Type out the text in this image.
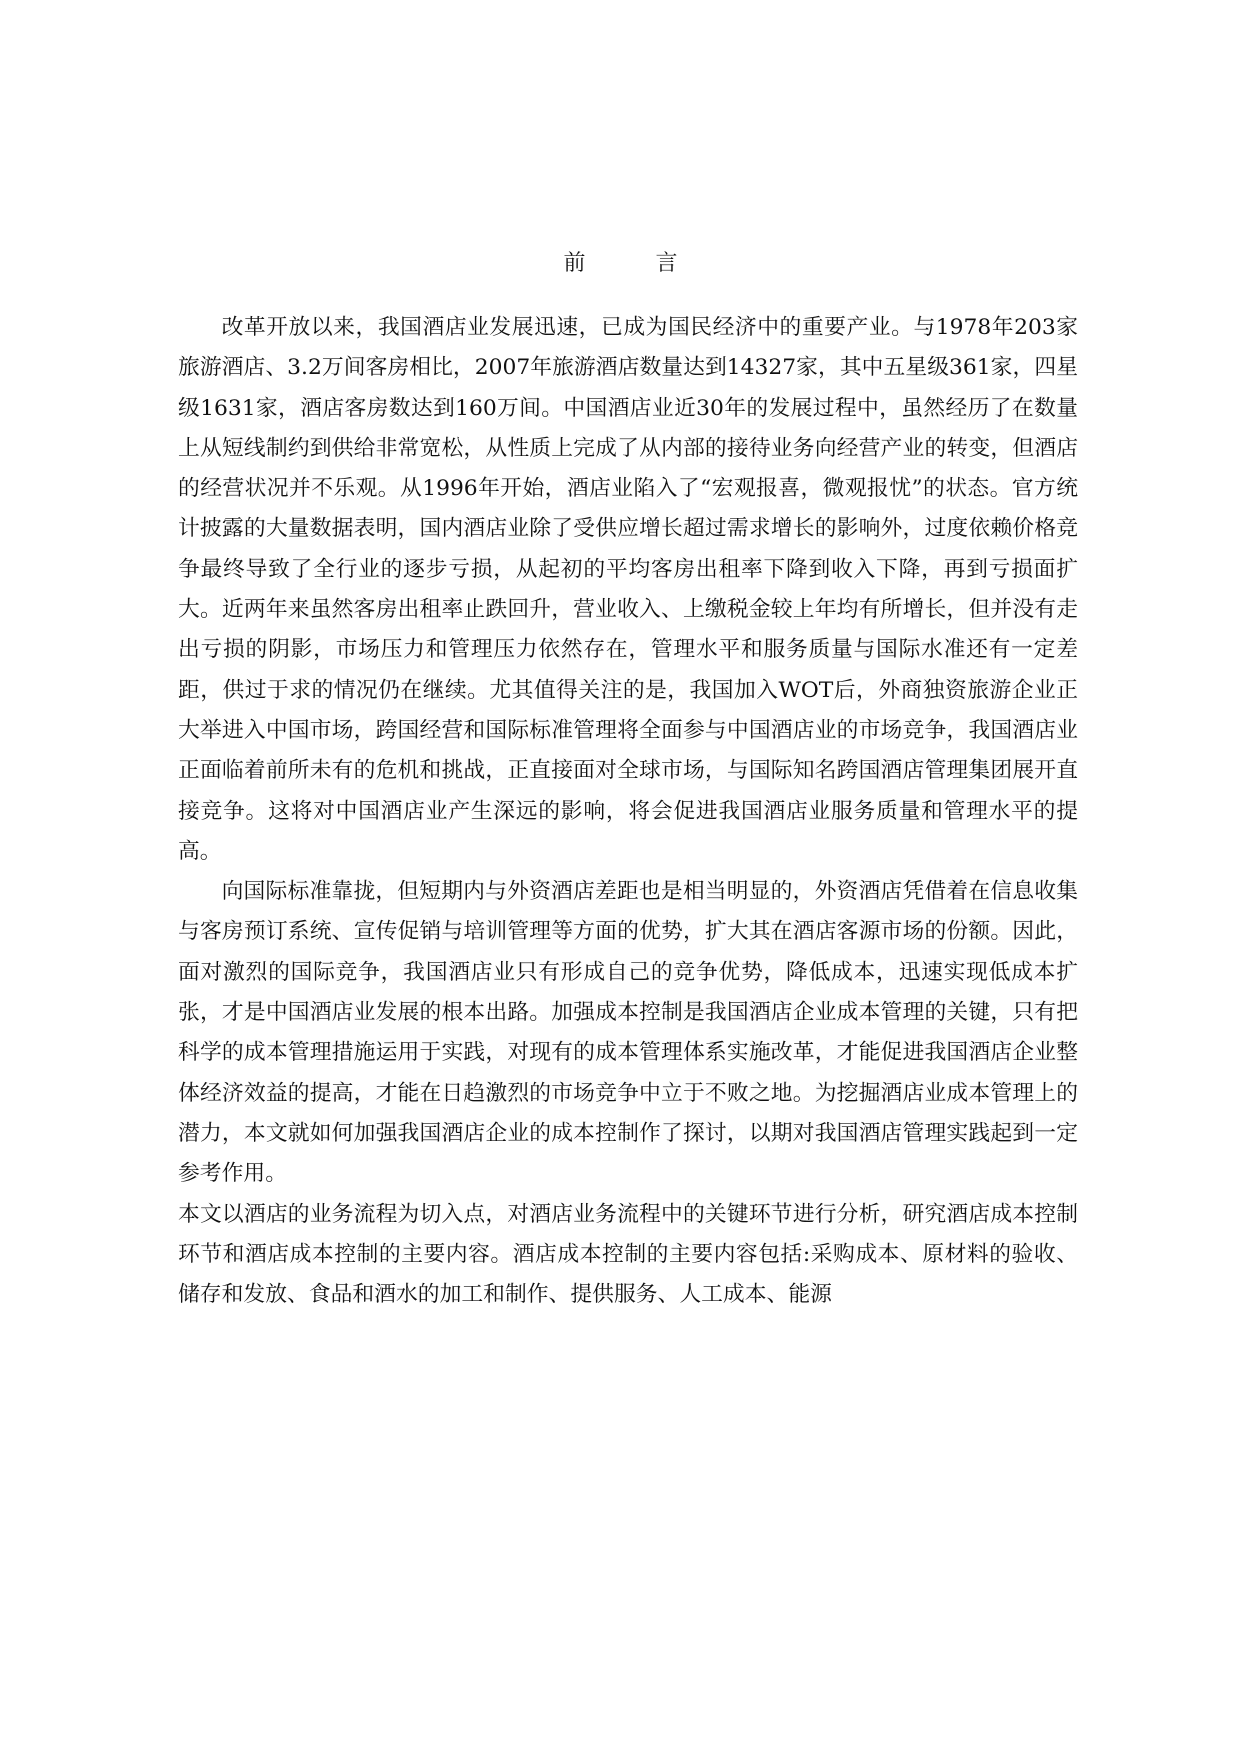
前　言

改革开放以来，我国酒店业发展迅速，已成为国民经济中的重要产业。与1978年203家旅游酒店、3.2万间客房相比，2007年旅游酒店数量达到14327家，其中五星级361家，四星级1631家，酒店客房数达到160万间。中国酒店业近30年的发展过程中，虽然经历了在数量上从短线制约到供给非常宽松，从性质上完成了从内部的接待业务向经营产业的转变，但酒店的经营状况并不乐观。从1996年开始，酒店业陷入了“宏观报喜，微观报忧”的状态。官方统计披露的大量数据表明，国内酒店业除了受供应增长超过需求增长的影响外，过度依赖价格竞争最终导致了全行业的逐步亏损，从起初的平均客房出租率下降到收入下降，再到亏损面扩大。近两年来虽然客房出租率止跌回升，营业收入、上缴税金较上年均有所增长，但并没有走出亏损的阴影，市场压力和管理压力依然存在，管理水平和服务质量与国际水准还有一定差距，供过于求的情况仍在继续。尤其值得关注的是，我国加入WOT后，外商独资旅游企业正大举进入中国市场，跨国经营和国际标准管理将全面参与中国酒店业的市场竞争，我国酒店业正面临着前所未有的危机和挑战，正直接面对全球市场，与国际知名跨国酒店管理集团展开直接竞争。这将对中国酒店业产生深远的影响，将会促进我国酒店业服务质量和管理水平的提高。

向国际标准靠拢，但短期内与外资酒店差距也是相当明显的，外资酒店凭借着在信息收集与客房预订系统、宣传促销与培训管理等方面的优势，扩大其在酒店客源市场的份额。因此，面对激烈的国际竞争，我国酒店业只有形成自己的竞争优势，降低成本，迅速实现低成本扩张，才是中国酒店业发展的根本出路。加强成本控制是我国酒店企业成本管理的关键，只有把科学的成本管理措施运用于实践，对现有的成本管理体系实施改革，才能促进我国酒店企业整体经济效益的提高，才能在日趋激烈的市场竞争中立于不败之地。为挖掘酒店业成本管理上的潜力，本文就如何加强我国酒店企业的成本控制作了探讨，以期对我国酒店管理实践起到一定参考作用。

本文以酒店的业务流程为切入点，对酒店业务流程中的关键环节进行分析，研究酒店成本控制环节和酒店成本控制的主要内容。酒店成本控制的主要内容包括:采购成本、原材料的验收、储存和发放、食品和酒水的加工和制作、提供服务、人工成本、能源
